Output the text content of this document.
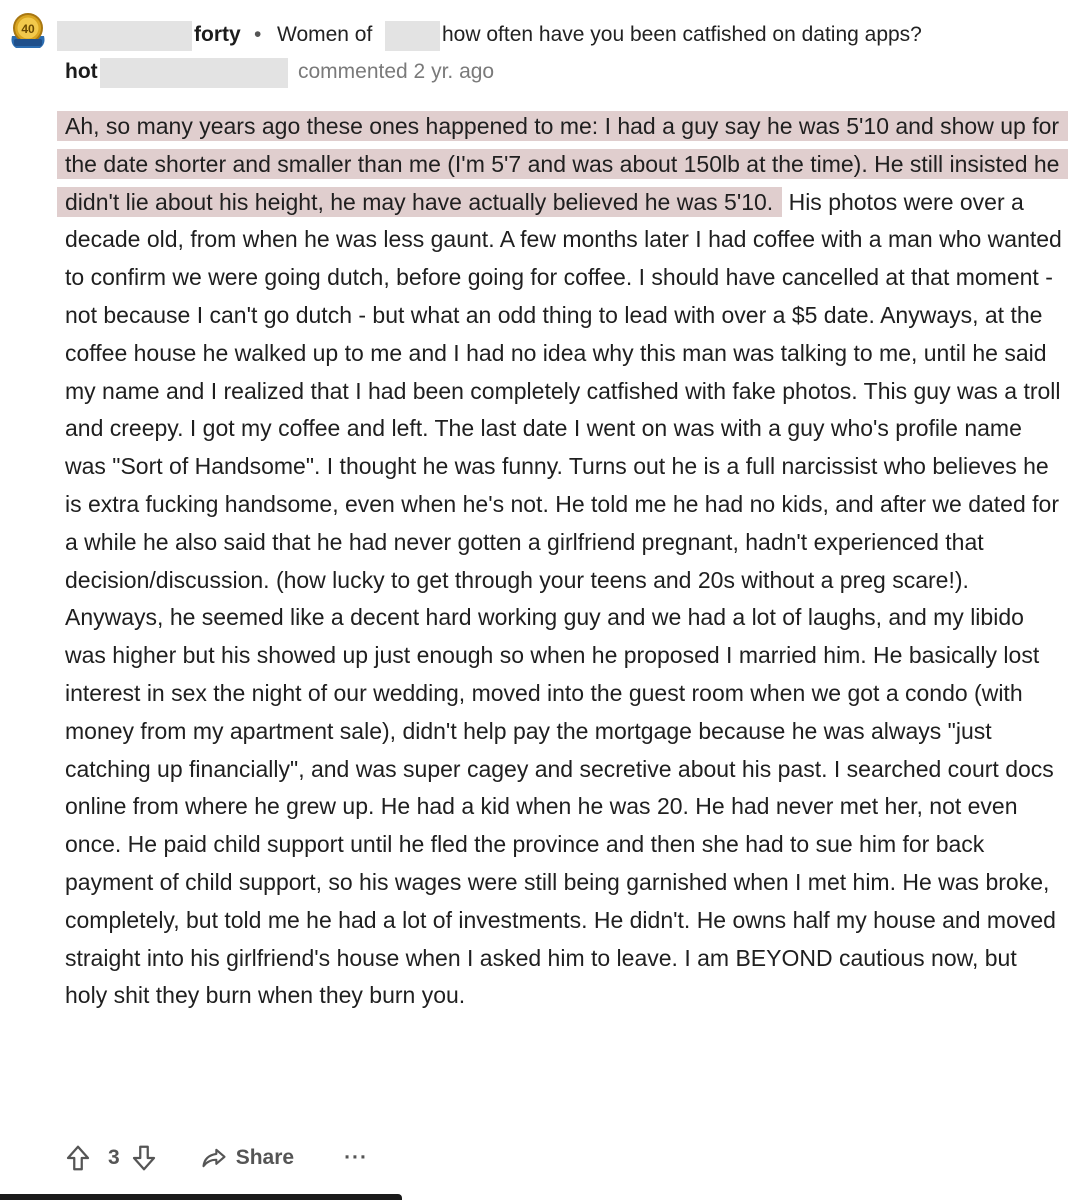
40	forty • Women of	how often have you been catfished on dating apps?
hot	commented 2 yr. ago

Ah, so many years ago these ones happened to me: I had a guy say he was 5'10 and show up for the date shorter and smaller than me (I'm 5'7 and was about 150lb at the time). He still insisted he didn't lie about his height, he may have actually believed he was 5'10. His photos were over a decade old, from when he was less gaunt. A few months later I had coffee with a man who wanted to confirm we were going dutch, before going for coffee. I should have cancelled at that moment - not because I can't go dutch - but what an odd thing to lead with over a $5 date. Anyways, at the coffee house he walked up to me and I had no idea why this man was talking to me, until he said my name and I realized that I had been completely catfished with fake photos. This guy was a troll and creepy. I got my coffee and left. The last date I went on was with a guy who's profile name was "Sort of Handsome". I thought he was funny. Turns out he is a full narcissist who believes he is extra fucking handsome, even when he's not. He told me he had no kids, and after we dated for a while he also said that he had never gotten a girlfriend pregnant, hadn't experienced that decision/discussion. (how lucky to get through your teens and 20s without a preg scare!). Anyways, he seemed like a decent hard working guy and we had a lot of laughs, and my libido was higher but his showed up just enough so when he proposed I married him. He basically lost interest in sex the night of our wedding, moved into the guest room when we got a condo (with money from my apartment sale), didn't help pay the mortgage because he was always "just catching up financially", and was super cagey and secretive about his past. I searched court docs online from where he grew up. He had a kid when he was 20. He had never met her, not even once. He paid child support until he fled the province and then she had to sue him for back payment of child support, so his wages were still being garnished when I met him. He was broke, completely, but told me he had a lot of investments. He didn't. He owns half my house and moved straight into his girlfriend's house when I asked him to leave. I am BEYOND cautious now, but holy shit they burn when they burn you.

3	Share ···
